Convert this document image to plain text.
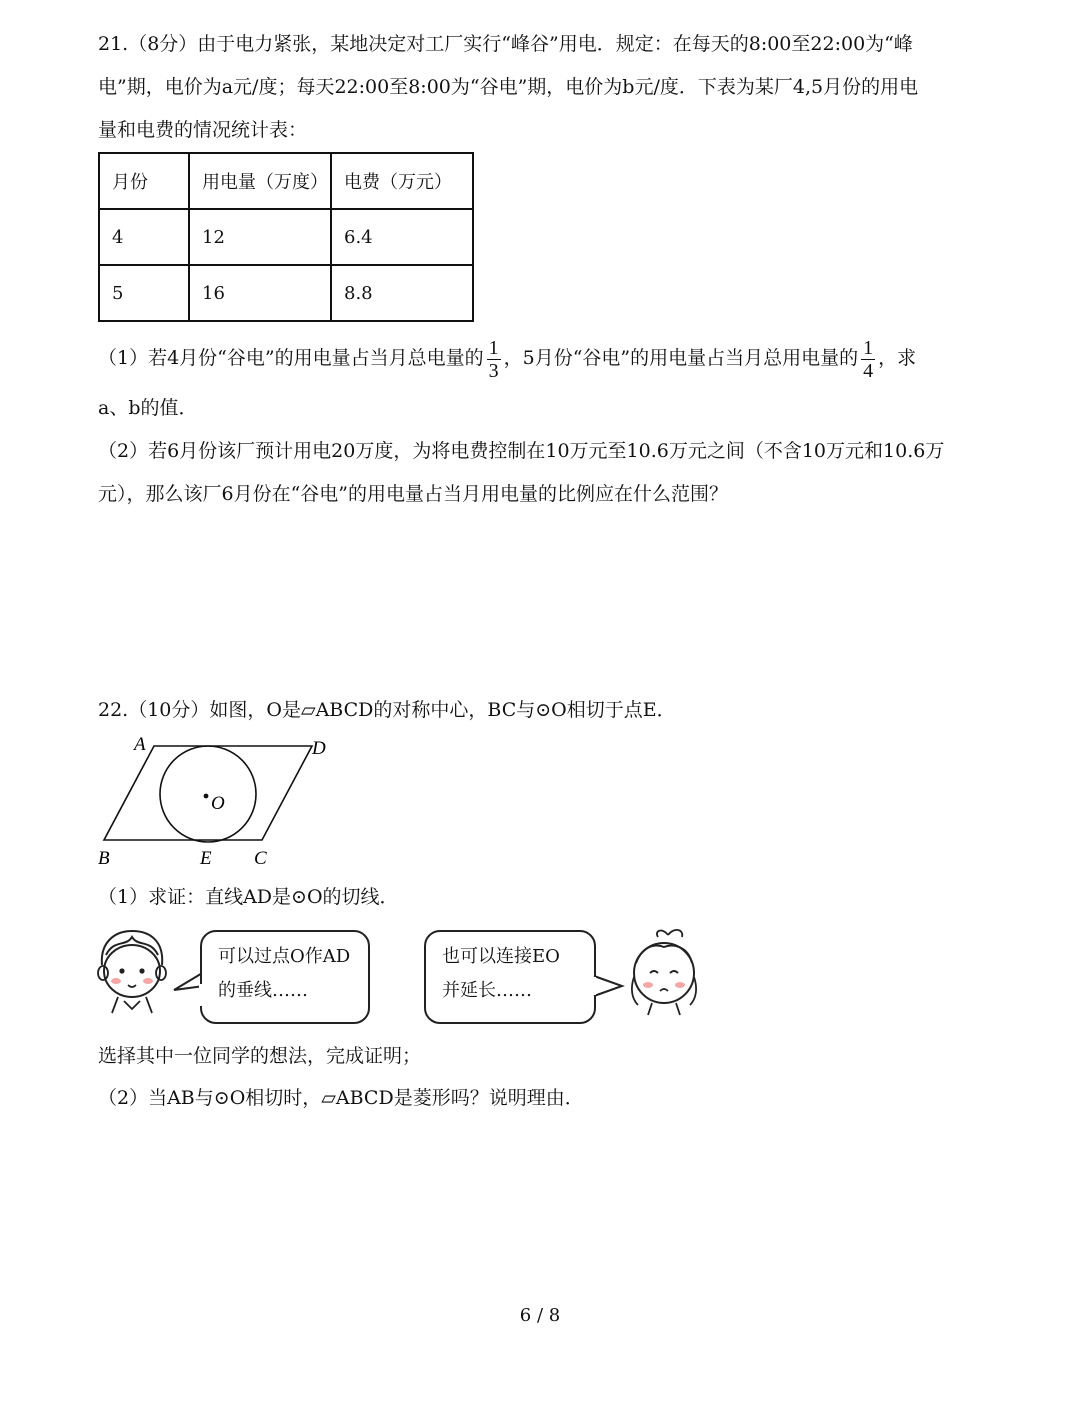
21.（8分）由于电力紧张，某地决定对工厂实行“峰谷”用电．规定：在每天的8:00至22:00为“峰
电”期，电价为a元/度；每天22:00至8:00为“谷电”期，电价为b元/度．下表为某厂4,5月份的用电
量和电费的情况统计表：
月份	用电量（万度）	电费（万元）
4	12	6.4
5	16	8.8
（1）若4月份“谷电”的用电量占当月总电量的 $\frac{1}{3}$ ，5月份“谷电”的用电量占当月总用电量的 $\frac{1}{4}$ ，求
a、b的值．
（2）若6月份该厂预计用电20万度，为将电费控制在10万元至10.6万元之间（不含10万元和10.6万
元），那么该厂6月份在“谷电”的用电量占当月用电量的比例应在什么范围？
22.（10分）如图，O是▱ABCD的对称中心，BC与⊙O相切于点E．
A	D
O
B	E C
（1）求证：直线AD是⊙O的切线．
可以过点O作AD
的垂线……
也可以连接EO
并延长……
选择其中一位同学的想法，完成证明；
（2）当AB与⊙O相切时，▱ABCD是菱形吗？说明理由．
6 / 8
